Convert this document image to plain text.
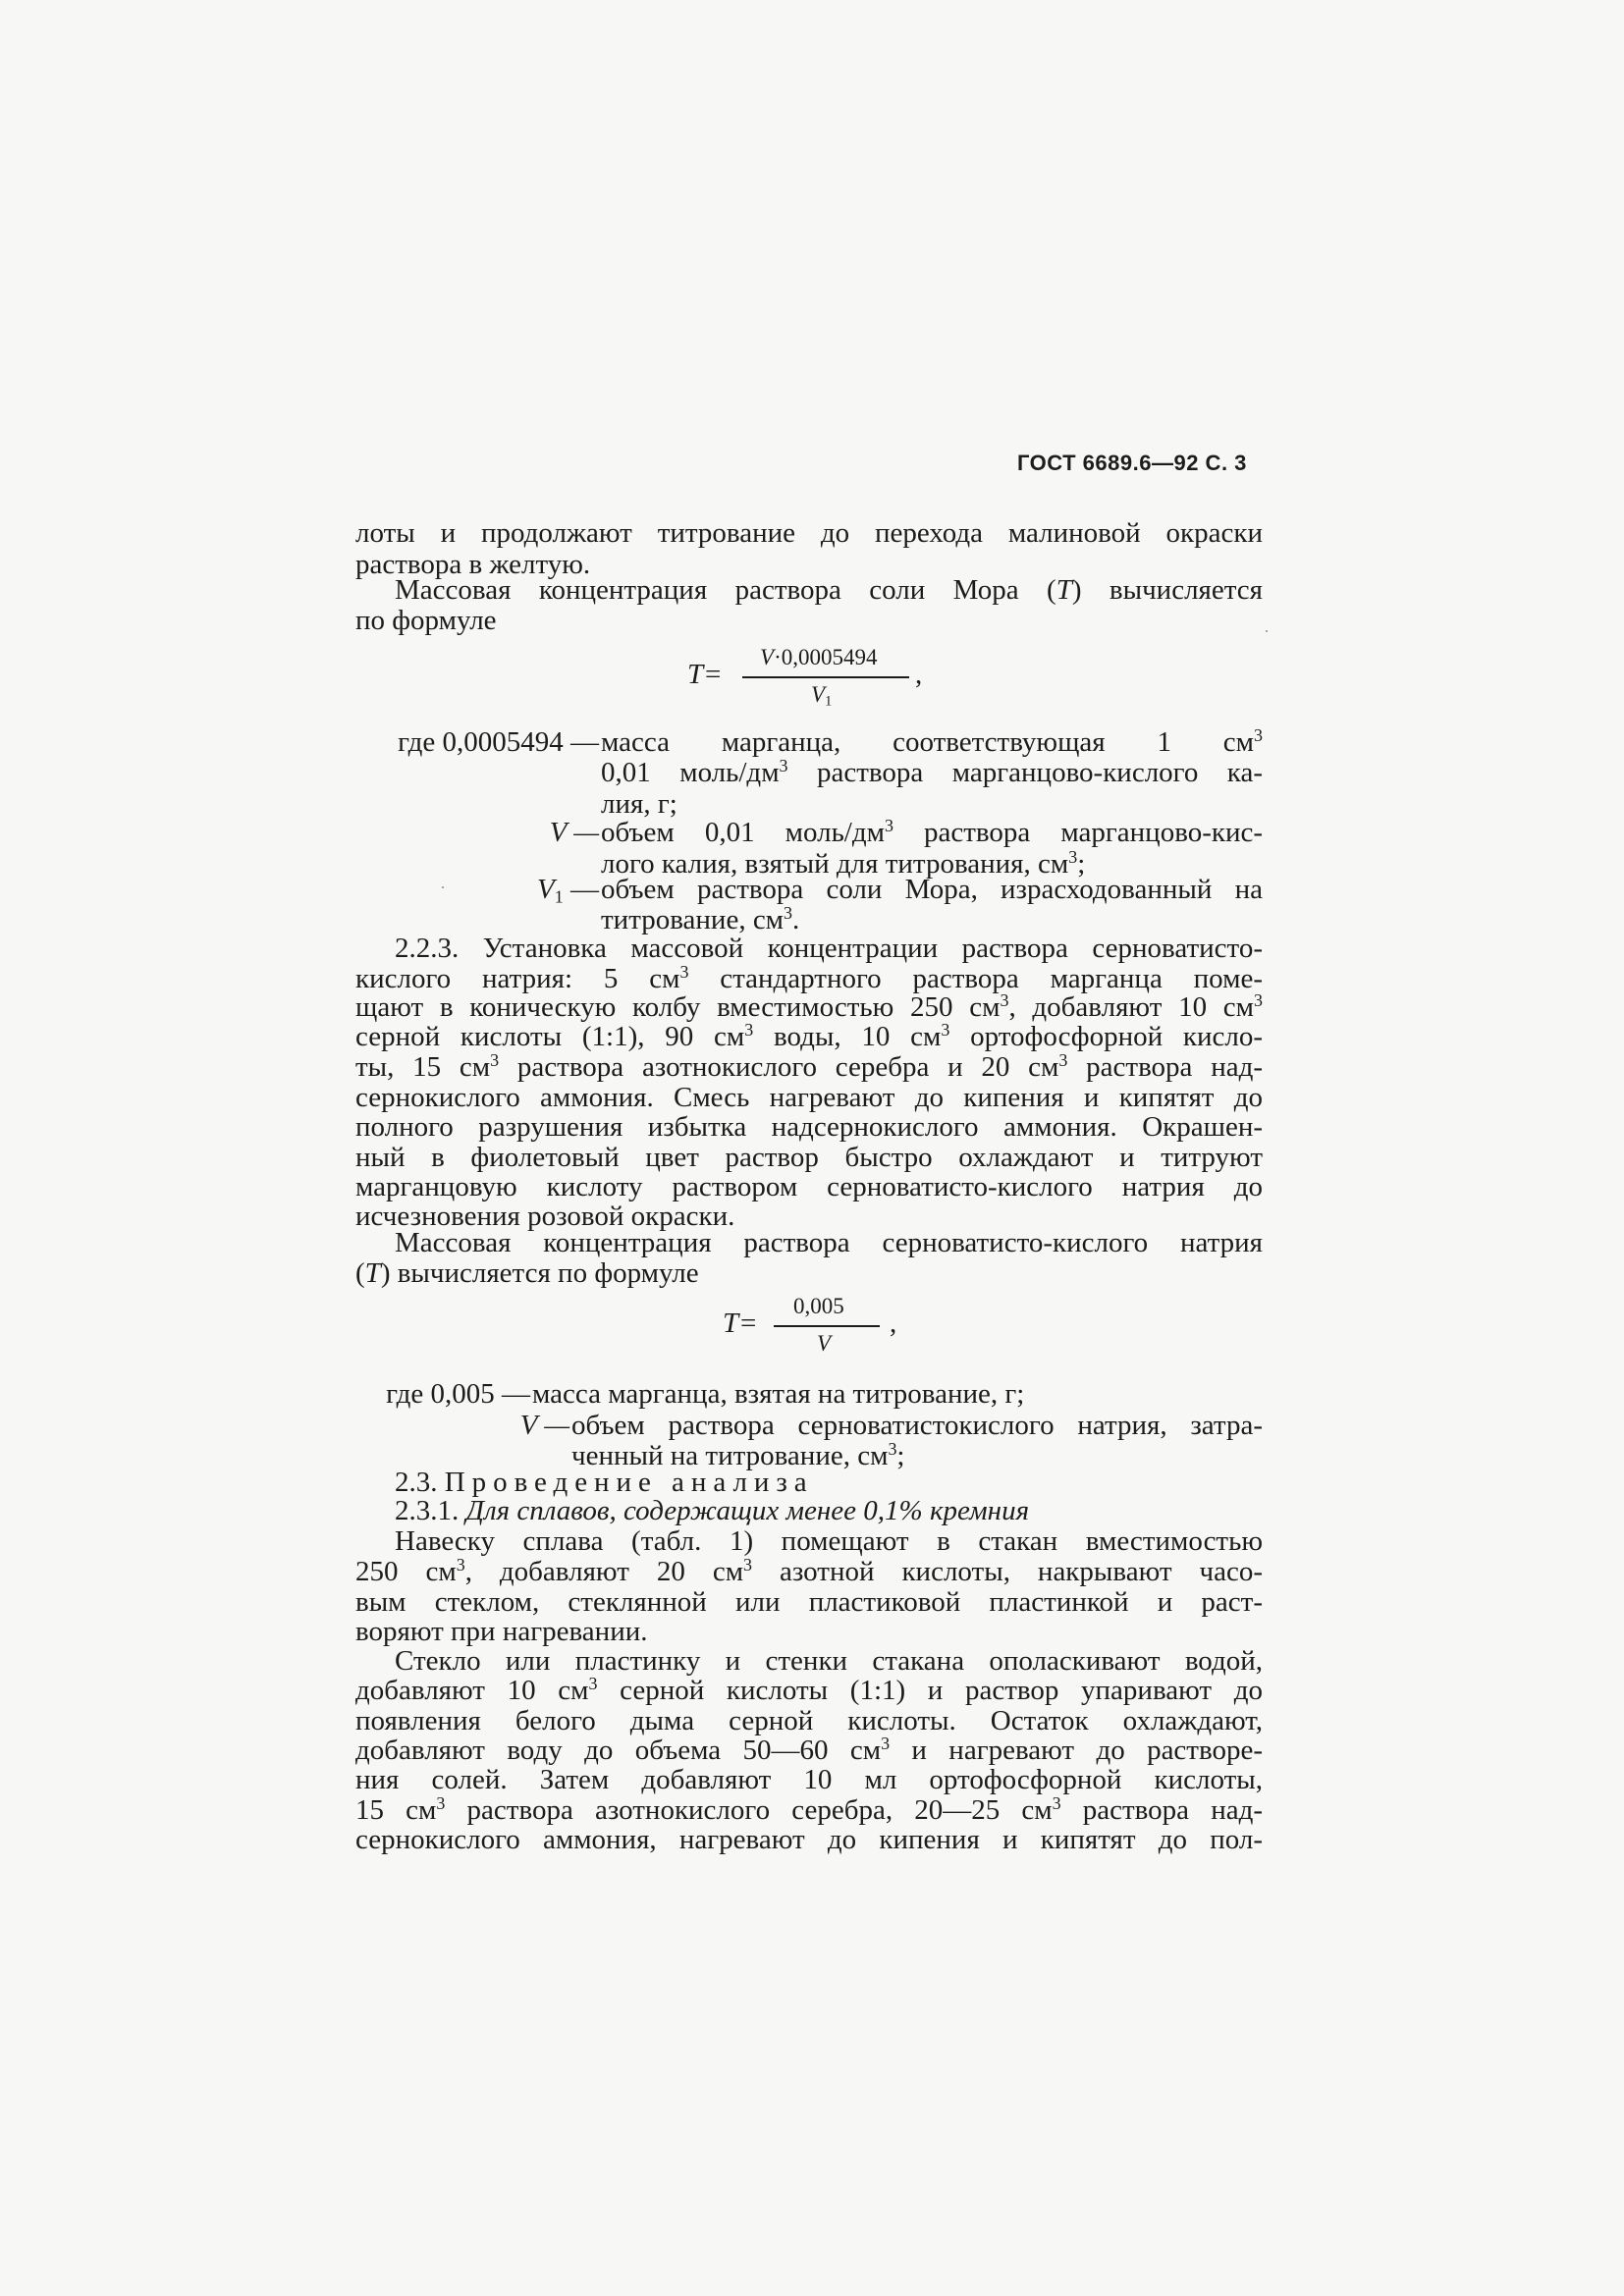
ГОСТ 6689.6—92 С. 3
лоты и продолжают титрование до перехода малиновой окраски
раствора в желтую.
Массовая концентрация раствора соли Мора (T) вычисляется
по формуле
T=
V·0,0005494
$V_1$
,
где 0,0005494 — масса марганца, соответствующая 1 $см^3$
0,01 моль/$дм^3$ раствора марганцово-кислого ка-
лия, г;
V — объем 0,01 моль/$дм^3$ раствора марганцово-кис-
лого калия, взятый для титрования, $см^3$;
$V_1$ — объем раствора соли Мора, израсходованный на
титрование, $см^3$.
2.2.3. Установка массовой концентрации раствора серноватисто-
кислого натрия: 5 $см^3$ стандартного раствора марганца поме-
щают в коническую колбу вместимостью 250 $см^3$, добавляют 10 $см^3$
серной кислоты (1:1), 90 $см^3$ воды, 10 $см^3$ ортофосфорной кисло-
ты, 15 $см^3$ раствора азотнокислого серебра и 20 $см^3$ раствора над-
сернокислого аммония. Смесь нагревают до кипения и кипятят до
полного разрушения избытка надсернокислого аммония. Окрашен-
ный в фиолетовый цвет раствор быстро охлаждают и титруют
марганцовую кислоту раствором серноватисто-кислого натрия до
исчезновения розовой окраски.
Массовая концентрация раствора серноватисто-кислого натрия
(T) вычисляется по формуле
T=
0,005
V
,
где 0,005 — масса марганца, взятая на титрование, г;
V — объем раствора серноватистокислого натрия, затра-
ченный на титрование, $см^3$;
2.3. Проведение анализа
2.3.1. Для сплавов, содержащих менее 0,1% кремния
Навеску сплава (табл. 1) помещают в стакан вместимостью
250 $см^3$, добавляют 20 $см^3$ азотной кислоты, накрывают часо-
вым стеклом, стеклянной или пластиковой пластинкой и раст-
воряют при нагревании.
Стекло или пластинку и стенки стакана ополаскивают водой,
добавляют 10 $см^3$ серной кислоты (1:1) и раствор упаривают до
появления белого дыма серной кислоты. Остаток охлаждают,
добавляют воду до объема 50—60 $см^3$ и нагревают до растворе-
ния солей. Затем добавляют 10 мл ортофосфорной кислоты,
15 $см^3$ раствора азотнокислого серебра, 20—25 $см^3$ раствора над-
сернокислого аммония, нагревают до кипения и кипятят до пол-
